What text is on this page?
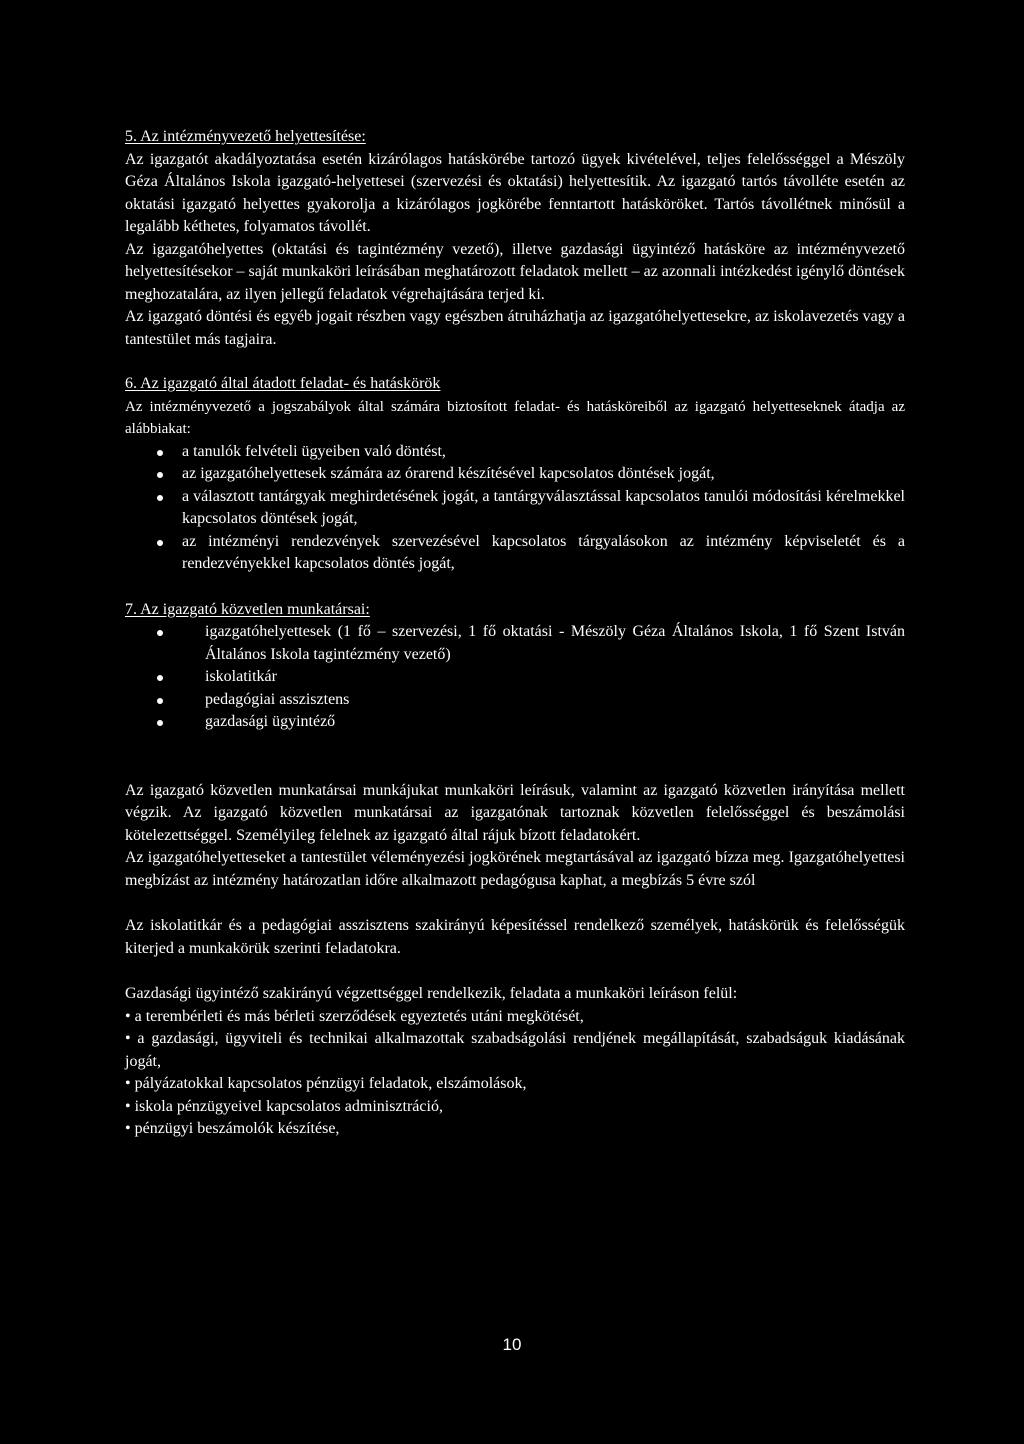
5. Az intézményvezető helyettesítése:

Az igazgatót akadályoztatása esetén kizárólagos hatáskörébe tartozó ügyek kivételével, teljes felelősséggel a Mészöly Géza Általános Iskola igazgató-helyettesei (szervezési és oktatási) helyettesítik. Az igazgató tartós távolléte esetén az oktatási igazgató helyettes gyakorolja a kizárólagos jogkörébe fenntartott hatásköröket. Tartós távollétnek minősül a legalább kéthetes, folyamatos távollét.

Az igazgatóhelyettes (oktatási és tagintézmény vezető), illetve gazdasági ügyintéző hatásköre az intézményvezető helyettesítésekor – saját munkaköri leírásában meghatározott feladatok mellett – az azonnali intézkedést igénylő döntések meghozatalára, az ilyen jellegű feladatok végrehajtására terjed ki.

Az igazgató döntési és egyéb jogait részben vagy egészben átruházhatja az igazgatóhelyettesekre, az iskolavezetés vagy a tantestület más tagjaira.

6. Az igazgató által átadott feladat- és hatáskörök

Az intézményvezető a jogszabályok által számára biztosított feladat- és hatásköreiből az igazgató helyetteseknek átadja az alábbiakat:

a tanulók felvételi ügyeiben való döntést,
az igazgatóhelyettesek számára az órarend készítésével kapcsolatos döntések jogát,
a választott tantárgyak meghirdetésének jogát, a tantárgyválasztással kapcsolatos tanulói módosítási kérelmekkel kapcsolatos döntések jogát,
az intézményi rendezvények szervezésével kapcsolatos tárgyalásokon az intézmény képviseletét és a rendezvényekkel kapcsolatos döntés jogát,

7. Az igazgató közvetlen munkatársai:

igazgatóhelyettesek (1 fő – szervezési, 1 fő oktatási - Mészöly Géza Általános Iskola, 1 fő Szent István Általános Iskola tagintézmény vezető)
iskolatitkár
pedagógiai asszisztens
gazdasági ügyintéző

Az igazgató közvetlen munkatársai munkájukat munkaköri leírásuk, valamint az igazgató közvetlen irányítása mellett végzik. Az igazgató közvetlen munkatársai az igazgatónak tartoznak közvetlen felelősséggel és beszámolási kötelezettséggel. Személyileg felelnek az igazgató által rájuk bízott feladatokért.

Az igazgatóhelyetteseket a tantestület véleményezési jogkörének megtartásával az igazgató bízza meg. Igazgatóhelyettesi megbízást az intézmény határozatlan időre alkalmazott pedagógusa kaphat, a megbízás 5 évre szól

Az iskolatitkár és a pedagógiai asszisztens szakirányú képesítéssel rendelkező személyek, hatáskörük és felelősségük kiterjed a munkakörük szerinti feladatokra.

Gazdasági ügyintéző szakirányú végzettséggel rendelkezik, feladata a munkaköri leíráson felül:

• a terembérleti és más bérleti szerződések egyeztetés utáni megkötését,
• a gazdasági, ügyviteli és technikai alkalmazottak szabadságolási rendjének megállapítását, szabadságuk kiadásának jogát,
• pályázatokkal kapcsolatos pénzügyi feladatok, elszámolások,
• iskola pénzügyeivel kapcsolatos adminisztráció,
• pénzügyi beszámolók készítése,
10
